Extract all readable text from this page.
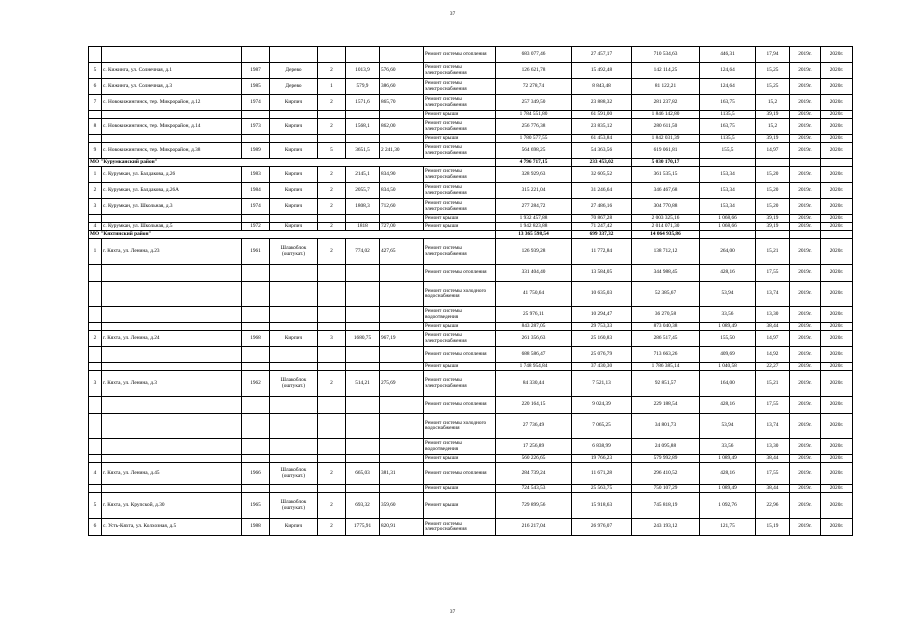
37
							Ремонт системы отопления	683 077,46	27 457,17	710 534,63	446,31	17,94	2019г.	2020г.
5	с. Кижинга, ул. Солнечная, д.1	1987	Дерево	2	1013,9	576,60	Ремонт системы электроснабжения	126 621,78	15 492,48	142 114,25	124,64	15,25	2019г.	2020г.
6	с. Кижинга, ул. Солнечная, д.3	1985	Дерево	1	579,9	386,60	Ремонт системы электроснабжения	72 278,74	8 843,48	81 122,21	124,64	15,25	2019г.	2020г.
7	с. Новокижингинск, тер. Микрорайон, д.12	1974	Кирпич	2	1571,6	865,70	Ремонт системы электроснабжения	257 349,50	23 888,32	281 237,82	163,75	15,2	2019г.	2020г.
							Ремонт крыши	1 784 551,80	61 591,00	1 846 142,80	1135,5	39,19	2019г.	2020г.
8	с. Новокижингинск, тер. Микрорайон, д.14	1973	Кирпич	2	1568,1	862,00	Ремонт системы электроснабжения	256 776,38	23 835,12	280 611,50	163,75	15,2	2019г.	2020г.
							Ремонт крыши	1 780 577,55	61 453,84	1 842 031,39	1135,5	39,19	2019г.	2020г.
9	с. Новокижингинск, тер. Микрорайон, д.38	1989	Кирпич	5	3651,5	2 241,30	Ремонт системы электроснабжения	564 698,25	54 363,56	619 061,81	155,5	14,97	2019г.	2020г.
МО "Курумканский район"								4 796 717,15	233 453,02	5 030 170,17				
1	с. Курумкан, ул. Балдакова, д.26	1983	Кирпич	2	2145,1	834,90	Ремонт системы электроснабжения	328 929,63	32 605,52	361 535,15	153,34	15,20	2019г.	2020г.
2	с. Курумкан, ул. Балдакова, д.26А	1984	Кирпич	2	2055,7	834,50	Ремонт системы электроснабжения	315 221,04	31 246,64	346 467,68	153,34	15,20	2019г.	2020г.
3	с. Курумкан, ул. Школьная, д.3	1974	Кирпич	2	1808,3	712,60	Ремонт системы электроснабжения	277 284,72	27 486,16	304 770,88	153,34	15,20	2019г.	2020г.
							Ремонт крыши	1 932 457,88	70 867,28	2 003 325,16	1 068,66	39,19	2019г.	2020г.
4	с. Курумкан, ул. Школьная, д.5	1972	Кирпич	2	1818	727,00	Ремонт крыши	1 942 823,88	71 247,42	2 014 071,30	1 068,66	39,19	2019г.	2020г.
МО "Кяхтинский район"								13 365 598,54	699 337,32	14 064 935,86				
1	г. Кяхта, ул. Ленина, д.23	1961	Шлакоблок (оштукат.)	2	774,02	427,65	Ремонт системы электроснабжения	126 939,28	11 772,84	138 712,12	264,00	15,21	2019г.	2020г.
							Ремонт системы отопления	331 404,40	13 584,05	344 988,45	428,16	17,55	2019г.	2020г.
							Ремонт системы холодного водоснабжения	41 750,64	10 635,03	52 385,67	53,94	13,74	2019г.	2020г.
							Ремонт системы водоотведения	25 976,11	10 294,47	36 270,58	33,56	13,30	2019г.	2020г.
							Ремонт крыши	843 287,05	29 753,33	873 040,38	1 089,49	38,44	2019г.	2020г.
2	г. Кяхта, ул. Ленина, д.24	1968	Кирпич	3	1680,75	967,19	Ремонт системы электроснабжения	261 356,63	25 160,83	286 517,45	155,50	14,97	2019г.	2020г.
							Ремонт системы отопления	688 586,47	25 076,79	713 663,26	409,69	14,92	2019г.	2020г.
							Ремонт крыши	1 748 954,84	37 430,30	1 786 385,14	1 040,58	22,27	2019г.	2020г.
3	г. Кяхта, ул. Ленина, д.3	1962	Шлакоблок (оштукат.)	2	514,21	275,69	Ремонт системы электроснабжения	84 330,44	7 521,13	92 851,57	164,00	15,21	2019г.	2020г.
							Ремонт системы отопления	220 164,15	9 024,39	229 188,54	428,16	17,55	2019г.	2020г.
							Ремонт системы холодного водоснабжения	27 736,49	7 065,25	34 801,73	53,94	13,74	2019г.	2020г.
							Ремонт системы водоотведения	17 256,89	6 838,99	24 095,88	33,56	13,30	2019г.	2020г.
							Ремонт крыши	560 226,65	19 766,23	579 992,89	1 089,49	38,44	2019г.	2020г.
4	г. Кяхта, ул. Ленина, д.45	1966	Шлакоблок (оштукат.)	2	665,03	381,31	Ремонт системы отопления	284 739,24	11 671,28	296 410,52	428,16	17,55	2019г.	2020г.
							Ремонт крыши	724 543,53	25 563,75	750 107,29	1 089,49	38,44	2019г.	2020г.
5	г. Кяхта, ул. Крупской, д.30	1965	Шлакоблок (оштукат.)	2	693,32	359,60	Ремонт крыши	729 899,56	15 918,63	745 818,19	1 092,76	22,96	2019г.	2020г.
6	с. Усть-Кяхта, ул. Колхозная, д.5	1988	Кирпич	2	1775,91	820,91	Ремонт системы электроснабжения	216 217,04	26 976,07	243 193,12	121,75	15,19	2019г.	2020г.
37
